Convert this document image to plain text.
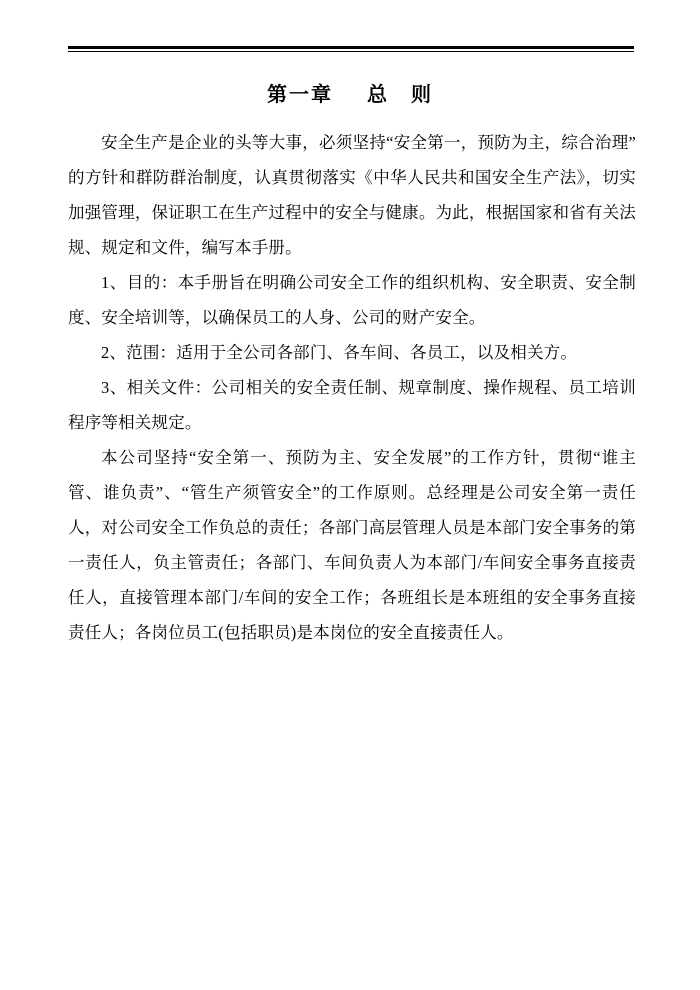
第一章 总　则

安全生产是企业的头等大事，必须坚持“安全第一，预防为主，综合治理”的方针和群防群治制度，认真贯彻落实《中华人民共和国安全生产法》，切实加强管理，保证职工在生产过程中的安全与健康。为此，根据国家和省有关法规、规定和文件，编写本手册。

1、目的：本手册旨在明确公司安全工作的组织机构、安全职责、安全制度、安全培训等，以确保员工的人身、公司的财产安全。

2、范围：适用于全公司各部门、各车间、各员工，以及相关方。

3、相关文件：公司相关的安全责任制、规章制度、操作规程、员工培训程序等相关规定。

本公司坚持“安全第一、预防为主、安全发展”的工作方针，贯彻“谁主管、谁负责”、“管生产须管安全”的工作原则。总经理是公司安全第一责任人，对公司安全工作负总的责任；各部门高层管理人员是本部门安全事务的第一责任人，负主管责任；各部门、车间负责人为本部门/车间安全事务直接责任人，直接管理本部门/车间的安全工作；各班组长是本班组的安全事务直接责任人；各岗位员工(包括职员)是本岗位的安全直接责任人。
